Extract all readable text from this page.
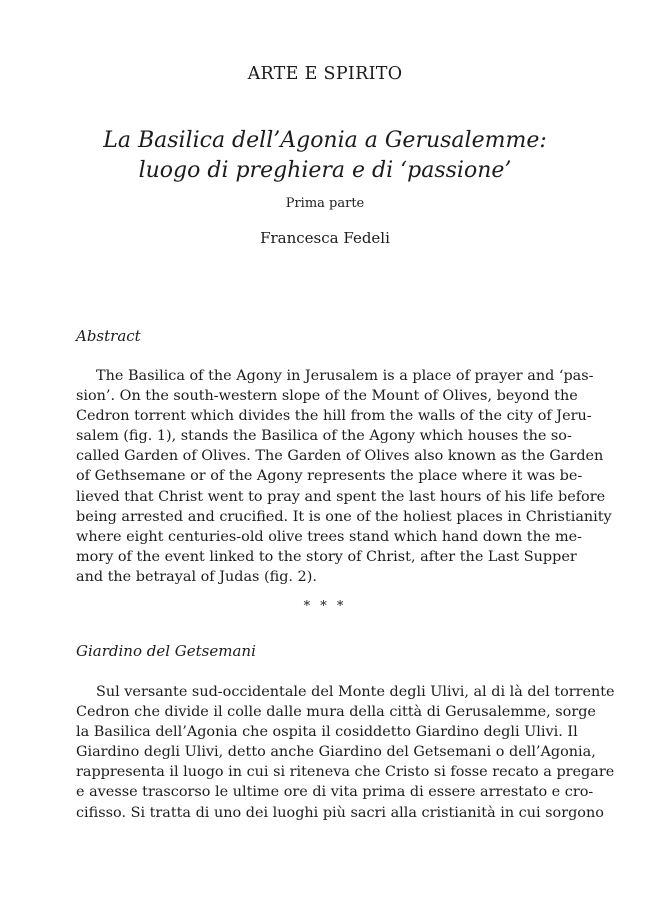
ARTE E SPIRITO
La Basilica dell’Agonia a Gerusalemme:
luogo di preghiera e di ‘passione’
Prima parte
Francesca Fedeli
Abstract
The Basilica of the Agony in Jerusalem is a place of prayer and ‘pas-
sion’. On the south-western slope of the Mount of Olives, beyond the
Cedron torrent which divides the hill from the walls of the city of Jeru-
salem (fig. 1), stands the Basilica of the Agony which houses the so-
called Garden of Olives. The Garden of Olives also known as the Garden
of Gethsemane or of the Agony represents the place where it was be-
lieved that Christ went to pray and spent the last hours of his life before
being arrested and crucified. It is one of the holiest places in Christianity
where eight centuries-old olive trees stand which hand down the me-
mory of the event linked to the story of Christ, after the Last Supper
and the betrayal of Judas (fig. 2).
* * *
Giardino del Getsemani
Sul versante sud-occidentale del Monte degli Ulivi, al di là del torrente
Cedron che divide il colle dalle mura della città di Gerusalemme, sorge
la Basilica dell’Agonia che ospita il cosiddetto Giardino degli Ulivi. Il
Giardino degli Ulivi, detto anche Giardino del Getsemani o dell’Agonia,
rappresenta il luogo in cui si riteneva che Cristo si fosse recato a pregare
e avesse trascorso le ultime ore di vita prima di essere arrestato e cro-
cifisso. Si tratta di uno dei luoghi più sacri alla cristianità in cui sorgono
